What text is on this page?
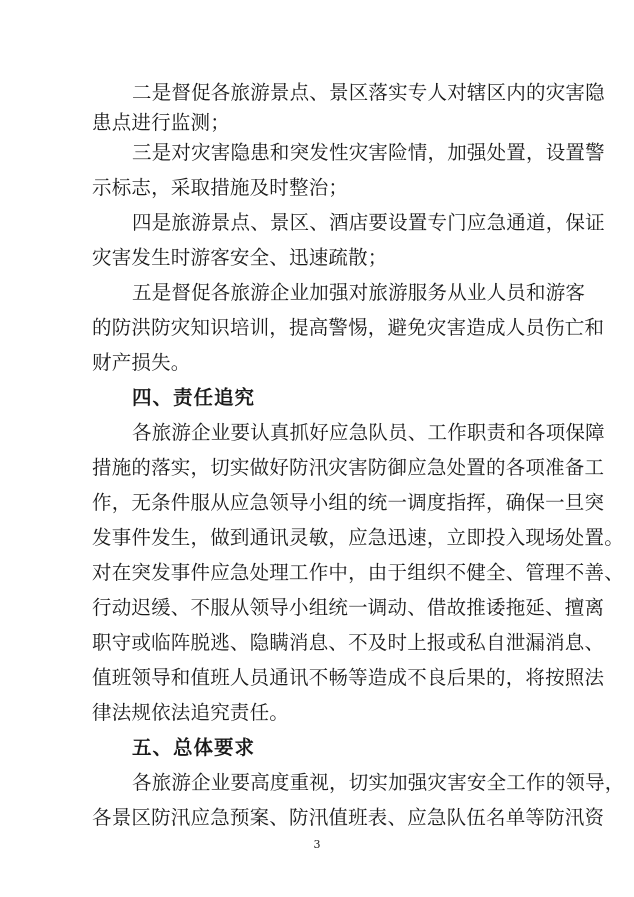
二是督促各旅游景点、景区落实专人对辖区内的灾害隐
患点进行监测；
三是对灾害隐患和突发性灾害险情，加强处置，设置警
示标志，采取措施及时整治；
四是旅游景点、景区、酒店要设置专门应急通道，保证
灾害发生时游客安全、迅速疏散；
五是督促各旅游企业加强对旅游服务从业人员和游客
的防洪防灾知识培训，提高警惕，避免灾害造成人员伤亡和
财产损失。
四、责任追究
各旅游企业要认真抓好应急队员、工作职责和各项保障
措施的落实，切实做好防汛灾害防御应急处置的各项准备工
作，无条件服从应急领导小组的统一调度指挥，确保一旦突
发事件发生，做到通讯灵敏，应急迅速，立即投入现场处置。
对在突发事件应急处理工作中，由于组织不健全、管理不善、
行动迟缓、不服从领导小组统一调动、借故推诿拖延、擅离
职守或临阵脱逃、隐瞒消息、不及时上报或私自泄漏消息、
值班领导和值班人员通讯不畅等造成不良后果的，将按照法
律法规依法追究责任。
五、总体要求
各旅游企业要高度重视，切实加强灾害安全工作的领导，
3
各景区防汛应急预案、防汛值班表、应急队伍名单等防汛资
